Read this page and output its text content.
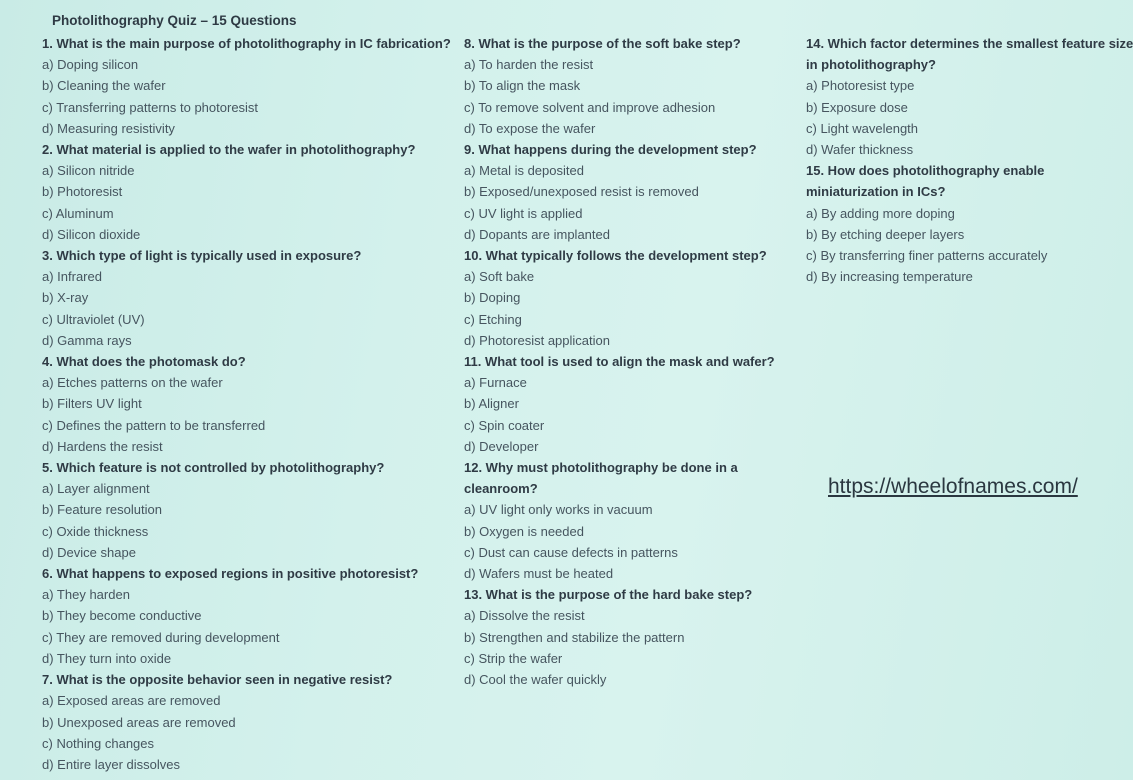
Photolithography Quiz – 15 Questions
1. What is the main purpose of photolithography in IC fabrication?
a) Doping silicon
b) Cleaning the wafer
c) Transferring patterns to photoresist
d) Measuring resistivity
2. What material is applied to the wafer in photolithography?
a) Silicon nitride
b) Photoresist
c) Aluminum
d) Silicon dioxide
3. Which type of light is typically used in exposure?
a) Infrared
b) X-ray
c) Ultraviolet (UV)
d) Gamma rays
4. What does the photomask do?
a) Etches patterns on the wafer
b) Filters UV light
c) Defines the pattern to be transferred
d) Hardens the resist
5. Which feature is not controlled by photolithography?
a) Layer alignment
b) Feature resolution
c) Oxide thickness
d) Device shape
6. What happens to exposed regions in positive photoresist?
a) They harden
b) They become conductive
c) They are removed during development
d) They turn into oxide
7. What is the opposite behavior seen in negative resist?
a) Exposed areas are removed
b) Unexposed areas are removed
c) Nothing changes
d) Entire layer dissolves
8. What is the purpose of the soft bake step?
a) To harden the resist
b) To align the mask
c) To remove solvent and improve adhesion
d) To expose the wafer
9. What happens during the development step?
a) Metal is deposited
b) Exposed/unexposed resist is removed
c) UV light is applied
d) Dopants are implanted
10. What typically follows the development step?
a) Soft bake
b) Doping
c) Etching
d) Photoresist application
11. What tool is used to align the mask and wafer?
a) Furnace
b) Aligner
c) Spin coater
d) Developer
12. Why must photolithography be done in a
cleanroom?
a) UV light only works in vacuum
b) Oxygen is needed
c) Dust can cause defects in patterns
d) Wafers must be heated
13. What is the purpose of the hard bake step?
a) Dissolve the resist
b) Strengthen and stabilize the pattern
c) Strip the wafer
d) Cool the wafer quickly
14. Which factor determines the smallest feature size
in photolithography?
a) Photoresist type
b) Exposure dose
c) Light wavelength
d) Wafer thickness
15. How does photolithography enable
miniaturization in ICs?
a) By adding more doping
b) By etching deeper layers
c) By transferring finer patterns accurately
d) By increasing temperature
https://wheelofnames.com/
